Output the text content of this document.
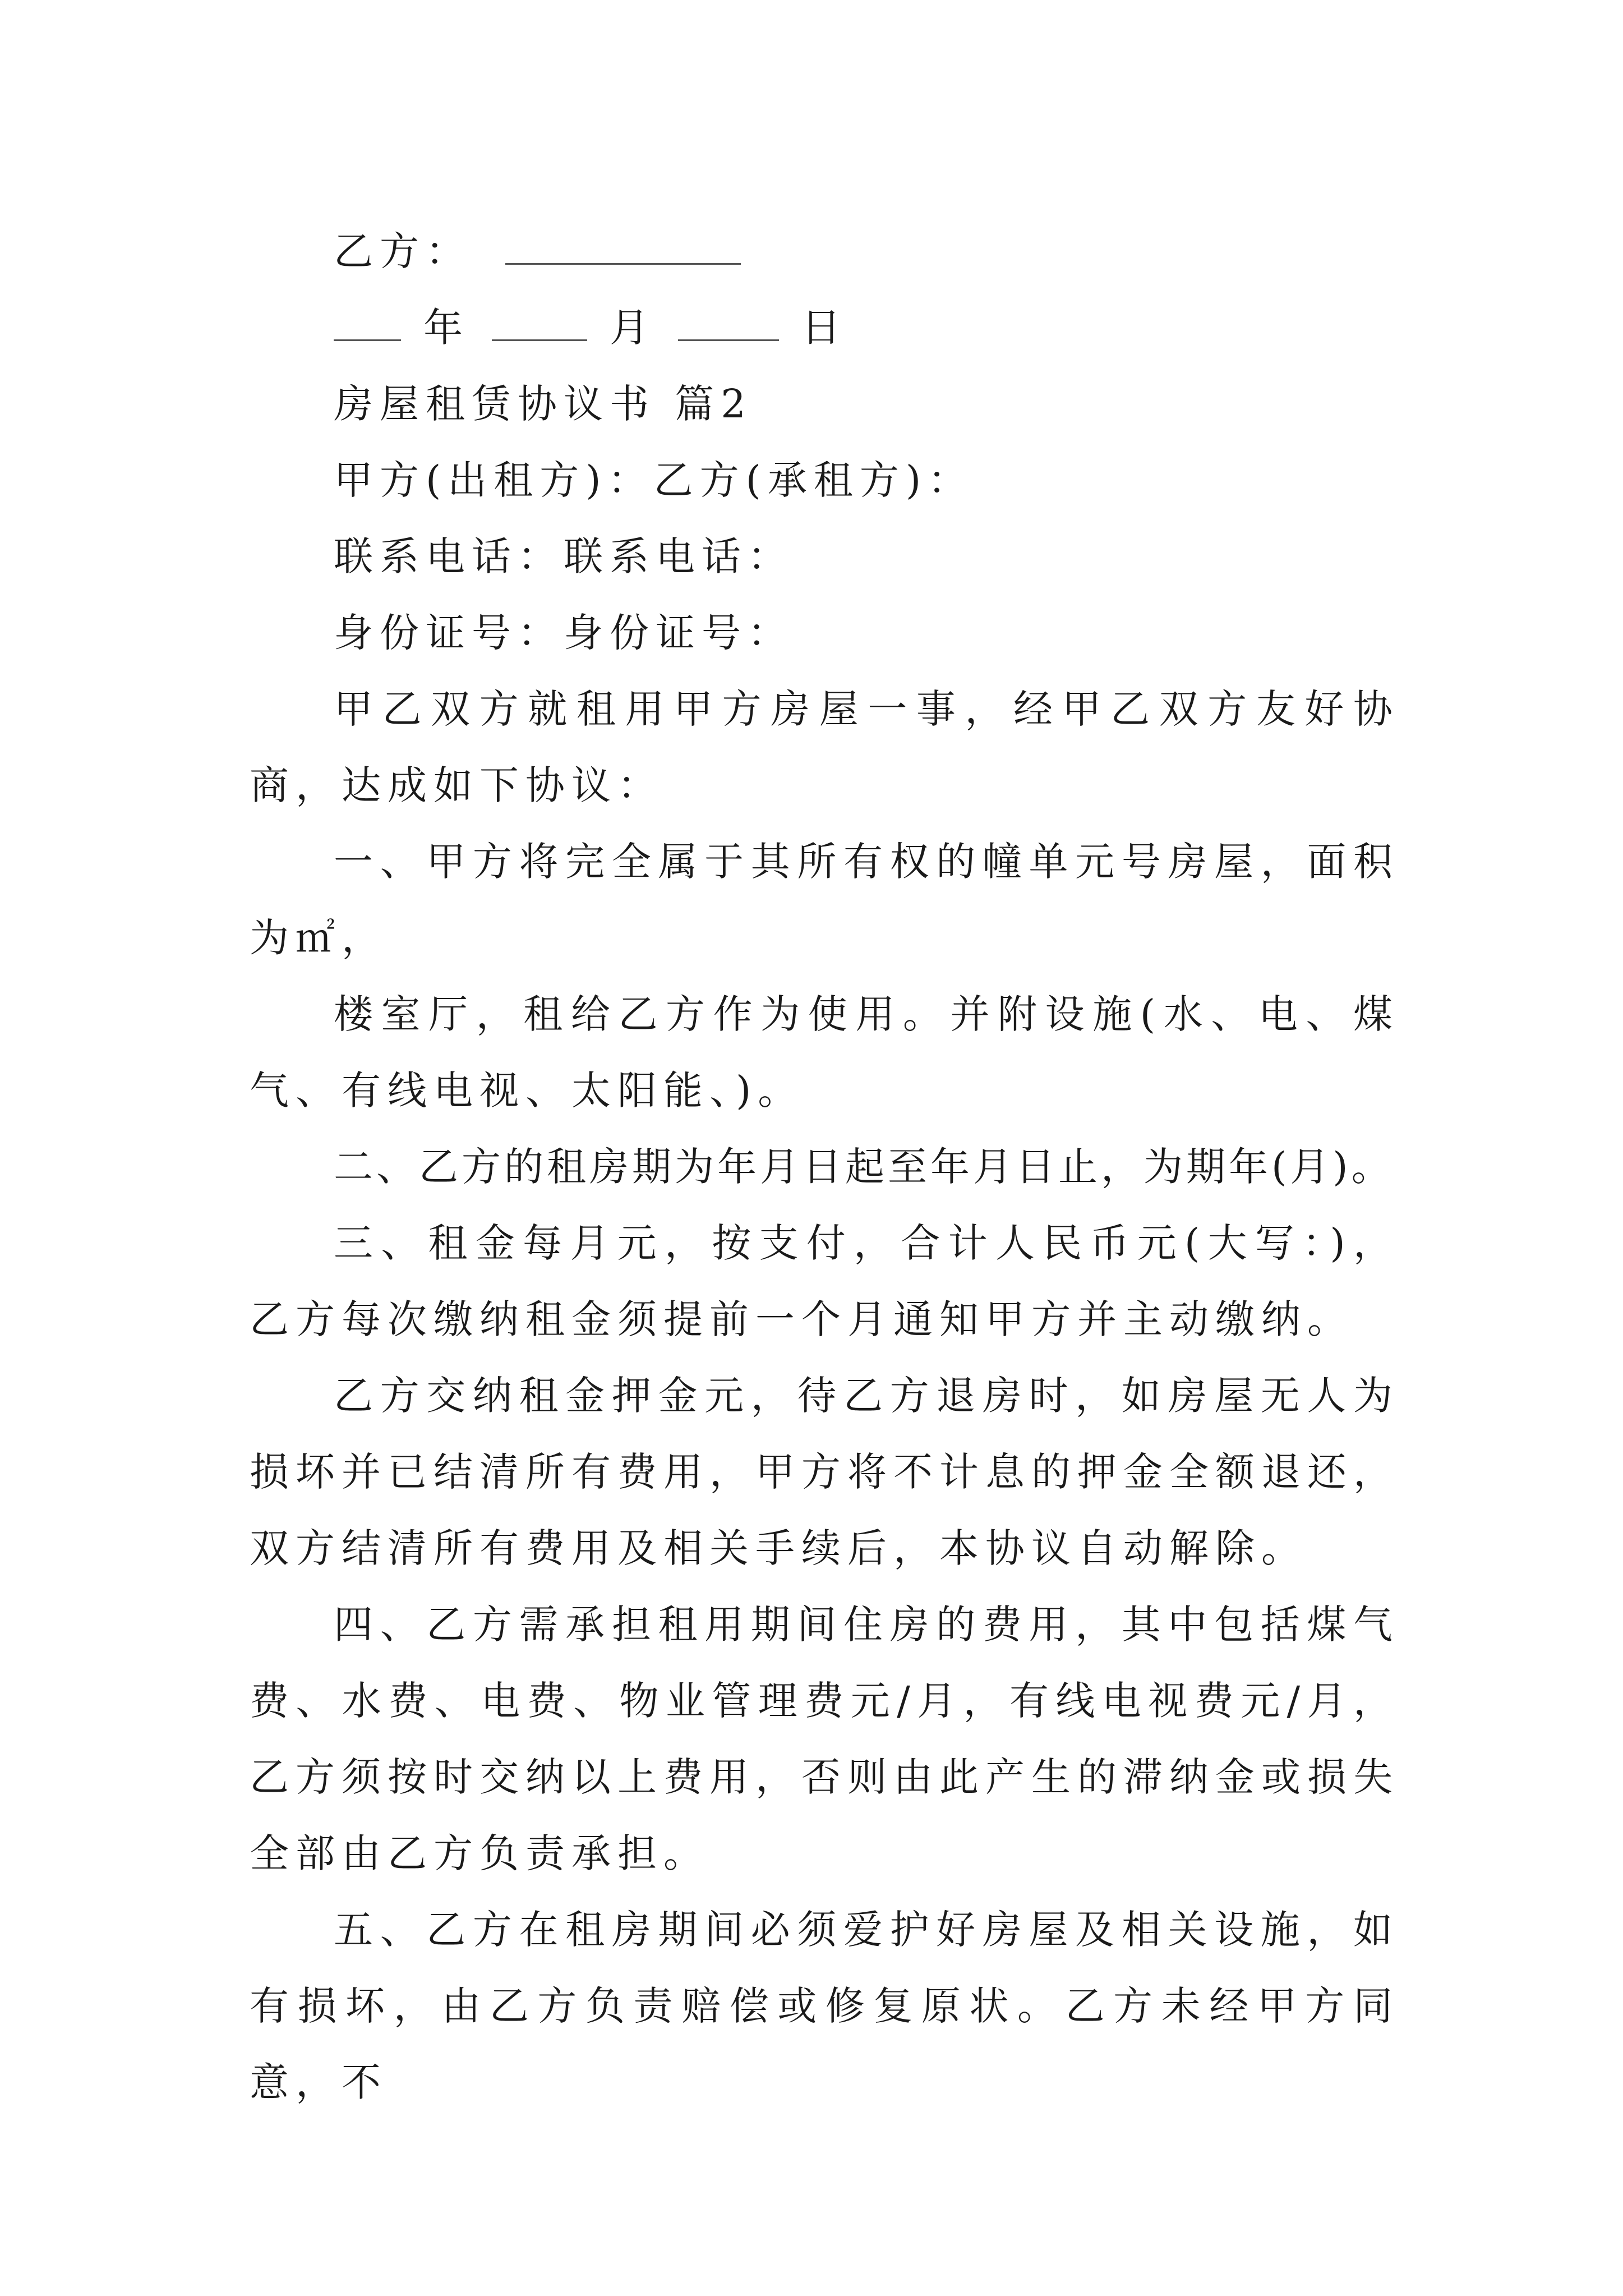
乙方：

年	月	日

房屋租赁协议书 篇2

甲方(出租方)：乙方(承租方)：

联系电话：联系电话：

身份证号：身份证号：

甲乙双方就租用甲方房屋一事，经甲乙双方友好协商，达成如下协议：

一、甲方将完全属于其所有权的幢单元号房屋，面积为㎡，

楼室厅，租给乙方作为使用。并附设施(水、电、煤气、有线电视、太阳能、)。

二、乙方的租房期为年月日起至年月日止，为期年(月)。

三、租金每月元，按支付，合计人民币元(大写：)，乙方每次缴纳租金须提前一个月通知甲方并主动缴纳。

乙方交纳租金押金元，待乙方退房时，如房屋无人为损坏并已结清所有费用，甲方将不计息的押金全额退还，双方结清所有费用及相关手续后，本协议自动解除。

四、乙方需承担租用期间住房的费用，其中包括煤气费、水费、电费、物业管理费元/月，有线电视费元/月，乙方须按时交纳以上费用，否则由此产生的滞纳金或损失全部由乙方负责承担。

五、乙方在租房期间必须爱护好房屋及相关设施，如有损坏，由乙方负责赔偿或修复原状。乙方未经甲方同意，不
